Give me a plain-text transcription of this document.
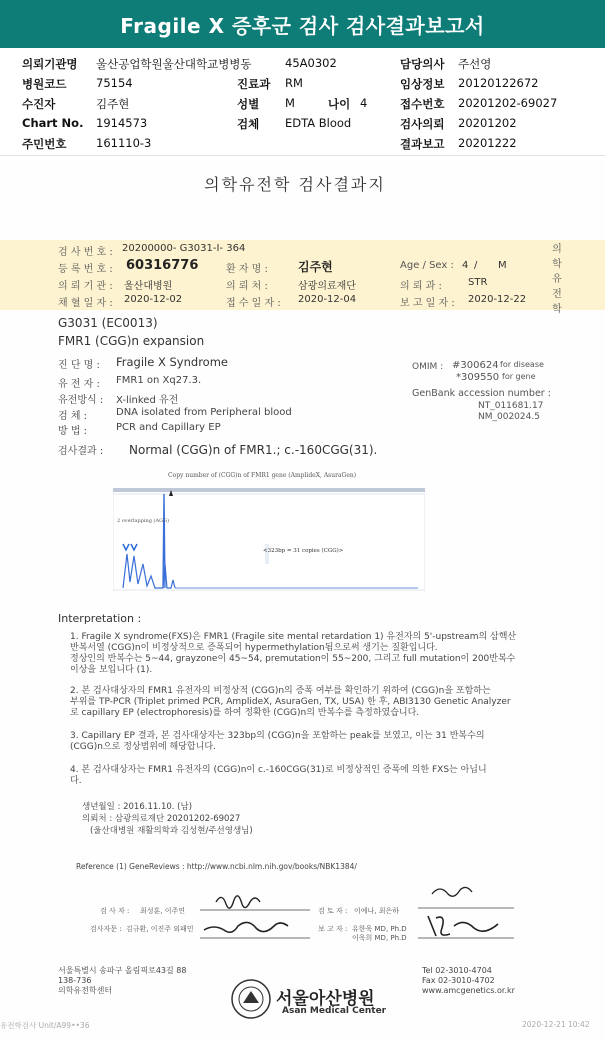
Fragile X 증후군 검사 검사결과보고서
의뢰기관명 울산공업학원울산대학교병병동	45A0302	담당의사 주선영
병원코드	75154	진료과 RM	임상정보 20120122672
수진자	김주현	성별 M	나이 4	접수번호 20201202-69027
Chart No. 1914573	검체 EDTA Blood	검사의뢰 20201202
주민번호	161110-3	결과보고 20201222
의학유전학 검사결과지
검 사 번 호 : 20200000- G3031-I- 364
등 록 번 호 : 60316776	환 자 명 :	김주현	Age / Sex : 4 / M
의 뢰 기 관 : 울산대병원	의 뢰 처 :	삼광의료재단	의 뢰 과 :	STR
채 혈 일 자 : 2020-12-02	접 수 일 자 : 2020-12-04	보 고 일 자 : 2020-12-22
의
학
유
전
학
G3031 (EC0013)
FMR1 (CGG)n expansion
진 단 명 :	Fragile X Syndrome
유 전 자 :	FMR1 on Xq27.3.
유전방식 :	X-linked 유전
검 체 :	DNA isolated from Peripheral blood
방 법 :	PCR and Capillary EP
OMIM : #300624 for disease
*309550 for gene
GenBank accession number :
NT_011681.17
NM_002024.5
검사결과 : Normal (CGG)n of FMR1.; c.-160CGG(31).
Copy number of (CGG)n of FMR1 gene (AmplideX, AsuraGen)
2 overlapping (AGG)
<323bp = 31 copies (CGG)>
Interpretation :
1. Fragile X syndrome(FXS)은 FMR1 (Fragile site mental retardation 1) 유전자의 5'-upstream의 삼핵산
반복서열 (CGG)n이 비정상적으로 증폭되어 hypermethylation됨으로써 생기는 질환입니다.
정상인의 반복수는 5~44, grayzone이 45~54, premutation이 55~200, 그리고 full mutation이 200반복수
이상을 보입니다 (1).
2. 본 검사대상자의 FMR1 유전자의 비정상적 (CGG)n의 증폭 여부를 확인하기 위하여 (CGG)n을 포함하는
부위를 TP-PCR (Triplet primed PCR, AmplideX, AsuraGen, TX, USA) 한 후, ABI3130 Genetic Analyzer
로 capillary EP (electrophoresis)를 하여 정확한 (CGG)n의 반복수를 측정하였습니다.
3. Capillary EP 결과, 본 검사대상자는 323bp의 (CGG)n을 포함하는 peak를 보였고, 이는 31 반복수의
(CGG)n으로 정상범위에 해당합니다.
4. 본 검사대상자는 FMR1 유전자의 (CGG)n이 c.-160CGG(31)로 비정상적인 증폭에 의한 FXS는 아닙니
다.
생년월일 : 2016.11.10. (남)
의뢰처 : 삼광의료재단 20201202-69027
(울산대병원 재활의학과 김성현/주선영생님)
Reference (1) GeneReviews : http://www.ncbi.nlm.nih.gov/books/NBK1384/
검 사 자 : 최성훈, 이주연	검 토 자 : 이예나, 최은하
검사자문 : 김규환, 이진주 외패민	보 고 자 : 유한욱 MD, Ph.D
이욱희 MD, Ph.D
서울특별시 송파구 올림픽로43길 88
138-736
의학유전학센터	서울아산병원
Asan Medical Center
Tel 02-3010-4704
Fax 02-3010-4702
www.amcgenetics.or.kr
유전학검사 Unit/A99••36	2020-12-21 10:42
